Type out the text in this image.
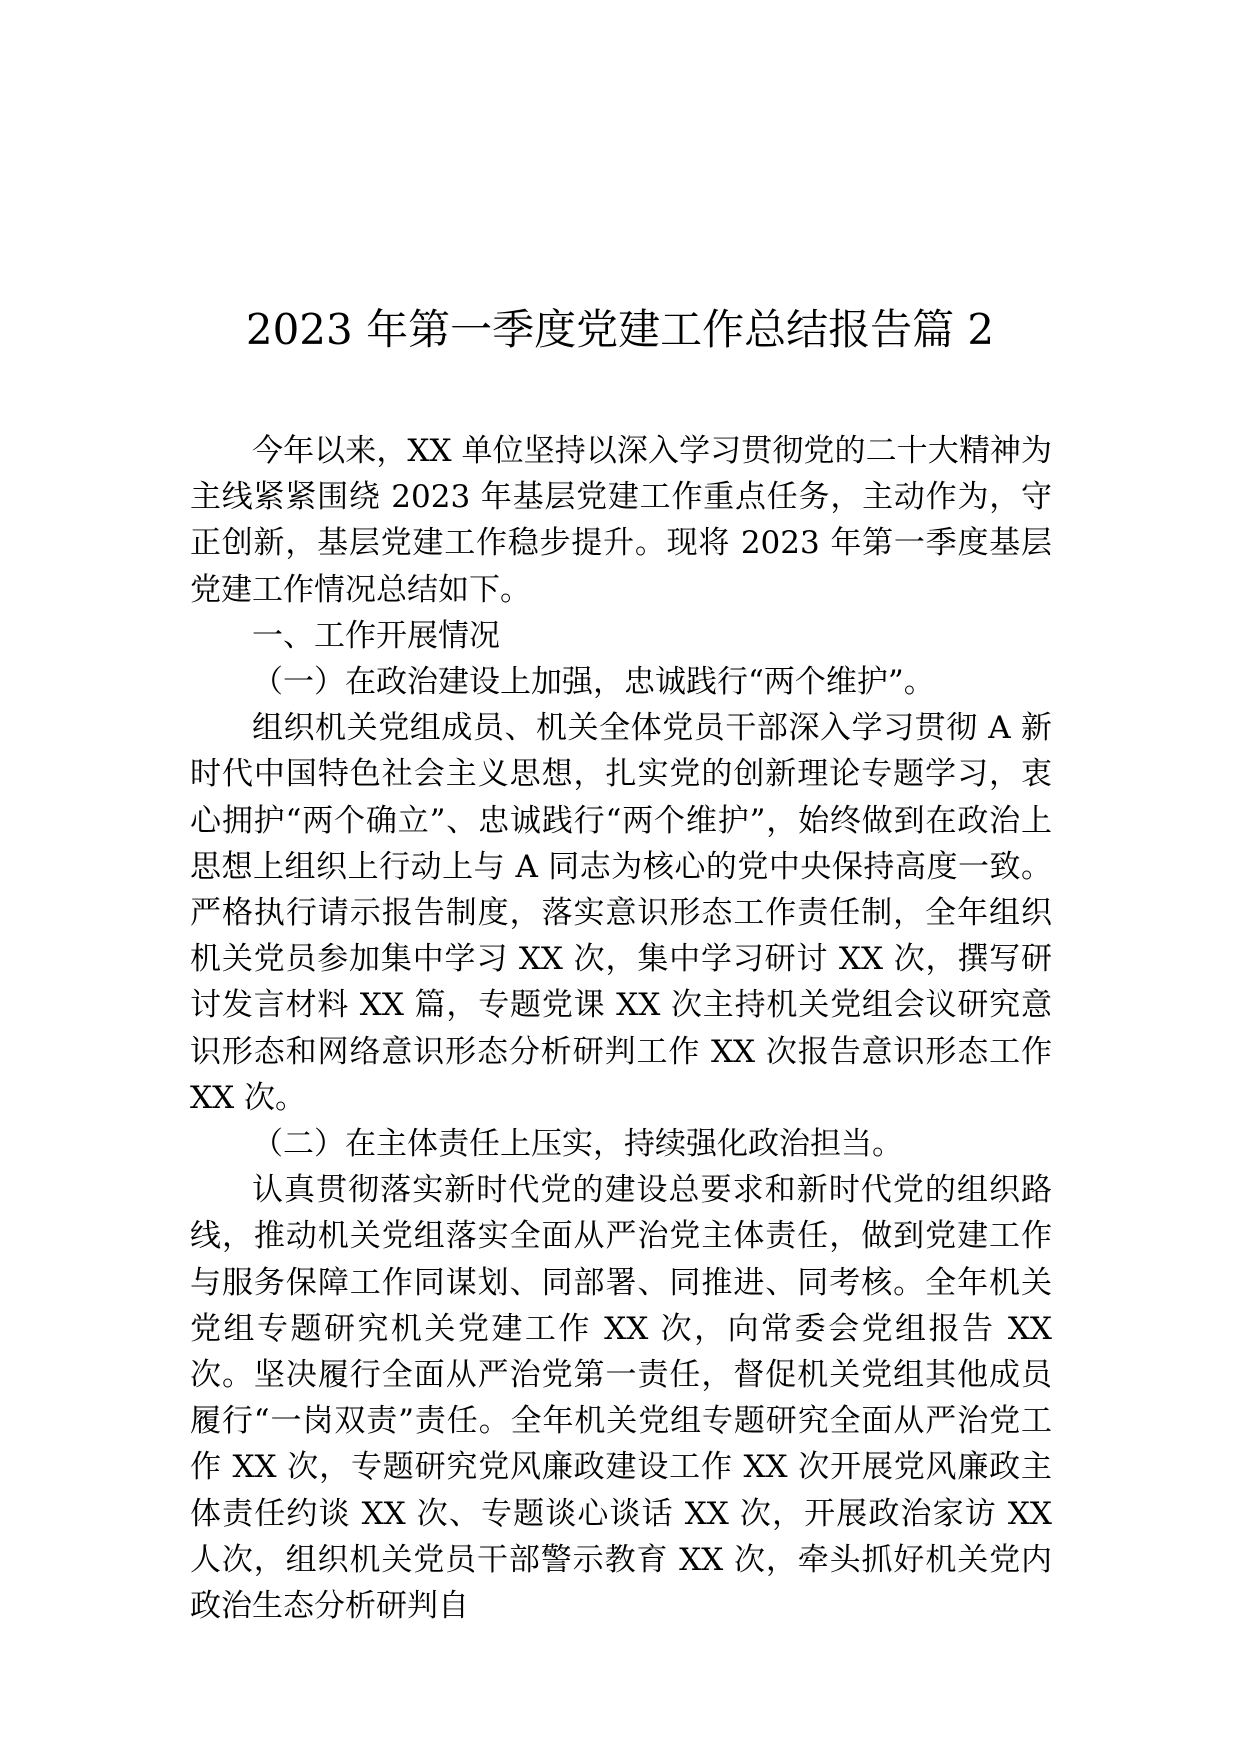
2023 年第一季度党建工作总结报告篇 2

今年以来，XX 单位坚持以深入学习贯彻党的二十大精神为主线紧紧围绕 2023 年基层党建工作重点任务，主动作为，守正创新，基层党建工作稳步提升。现将 2023 年第一季度基层党建工作情况总结如下。

一、工作开展情况

（一）在政治建设上加强，忠诚践行“两个维护”。

组织机关党组成员、机关全体党员干部深入学习贯彻 A 新时代中国特色社会主义思想，扎实党的创新理论专题学习，衷心拥护“两个确立”、忠诚践行“两个维护”，始终做到在政治上思想上组织上行动上与 A 同志为核心的党中央保持高度一致。严格执行请示报告制度，落实意识形态工作责任制，全年组织机关党员参加集中学习 XX 次，集中学习研讨 XX 次，撰写研讨发言材料 XX 篇，专题党课 XX 次主持机关党组会议研究意识形态和网络意识形态分析研判工作 XX 次报告意识形态工作 XX 次。

（二）在主体责任上压实，持续强化政治担当。

认真贯彻落实新时代党的建设总要求和新时代党的组织路线，推动机关党组落实全面从严治党主体责任，做到党建工作与服务保障工作同谋划、同部署、同推进、同考核。全年机关党组专题研究机关党建工作 XX 次，向常委会党组报告 XX 次。坚决履行全面从严治党第一责任，督促机关党组其他成员履行“一岗双责”责任。全年机关党组专题研究全面从严治党工作 XX 次，专题研究党风廉政建设工作 XX 次开展党风廉政主体责任约谈 XX 次、专题谈心谈话 XX 次，开展政治家访 XX 人次，组织机关党员干部警示教育 XX 次，牵头抓好机关党内政治生态分析研判自
